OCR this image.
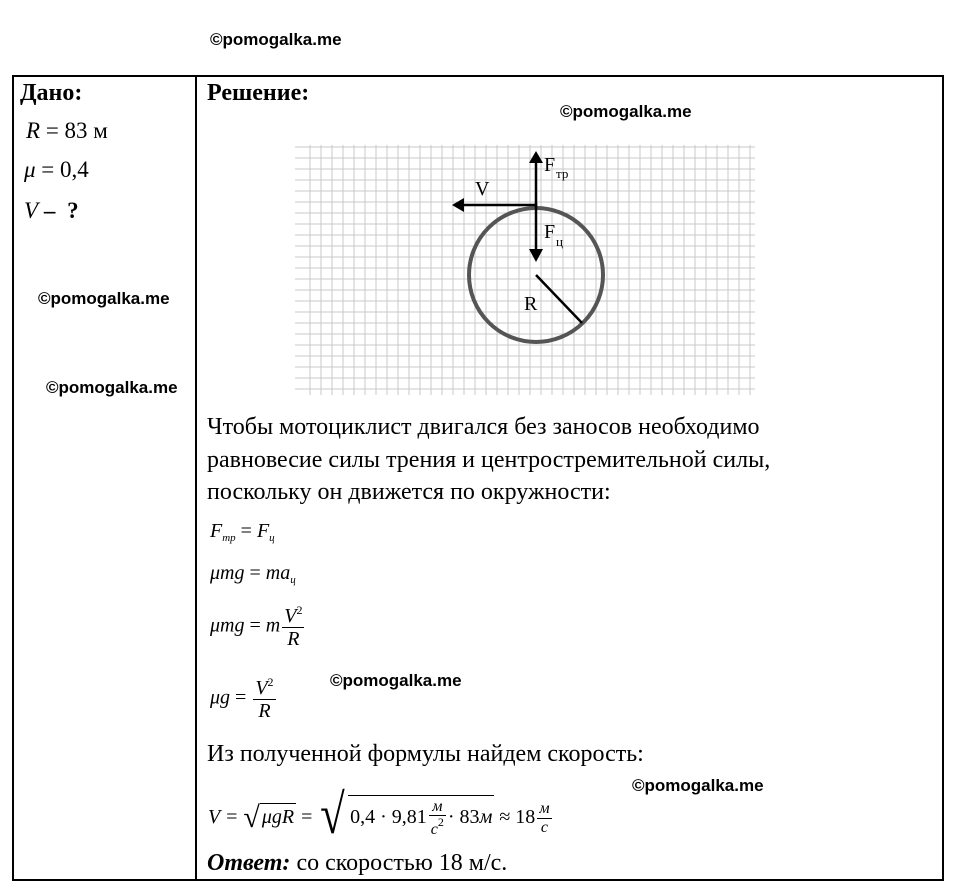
©pomogalka.me
©pomogalka.me
©pomogalka.me
©pomogalka.me
©pomogalka.me
©pomogalka.me
Дано:
R = 83 м
μ = 0,4
V – ?
Решение:
V
F тр
F ц
R
Чтобы мотоциклист двигался без заносов необходимо
равновесие силы трения и центростремительной силы,
поскольку он движется по окружности:
$F_{тр} = F_ц$
$\mu mg = ma_ц$
μmg = m $\frac{V^2}{R}$
$\mu g = \frac{V^2}{R}$
Из полученной формулы найдем скорость:
V = √ μgR = √ $0,4 \cdot 9,81 \frac{м}{с^2} \cdot 83м \approx 18 \frac{м}{с}$
Ответ: со скоростью 18 м/с.
